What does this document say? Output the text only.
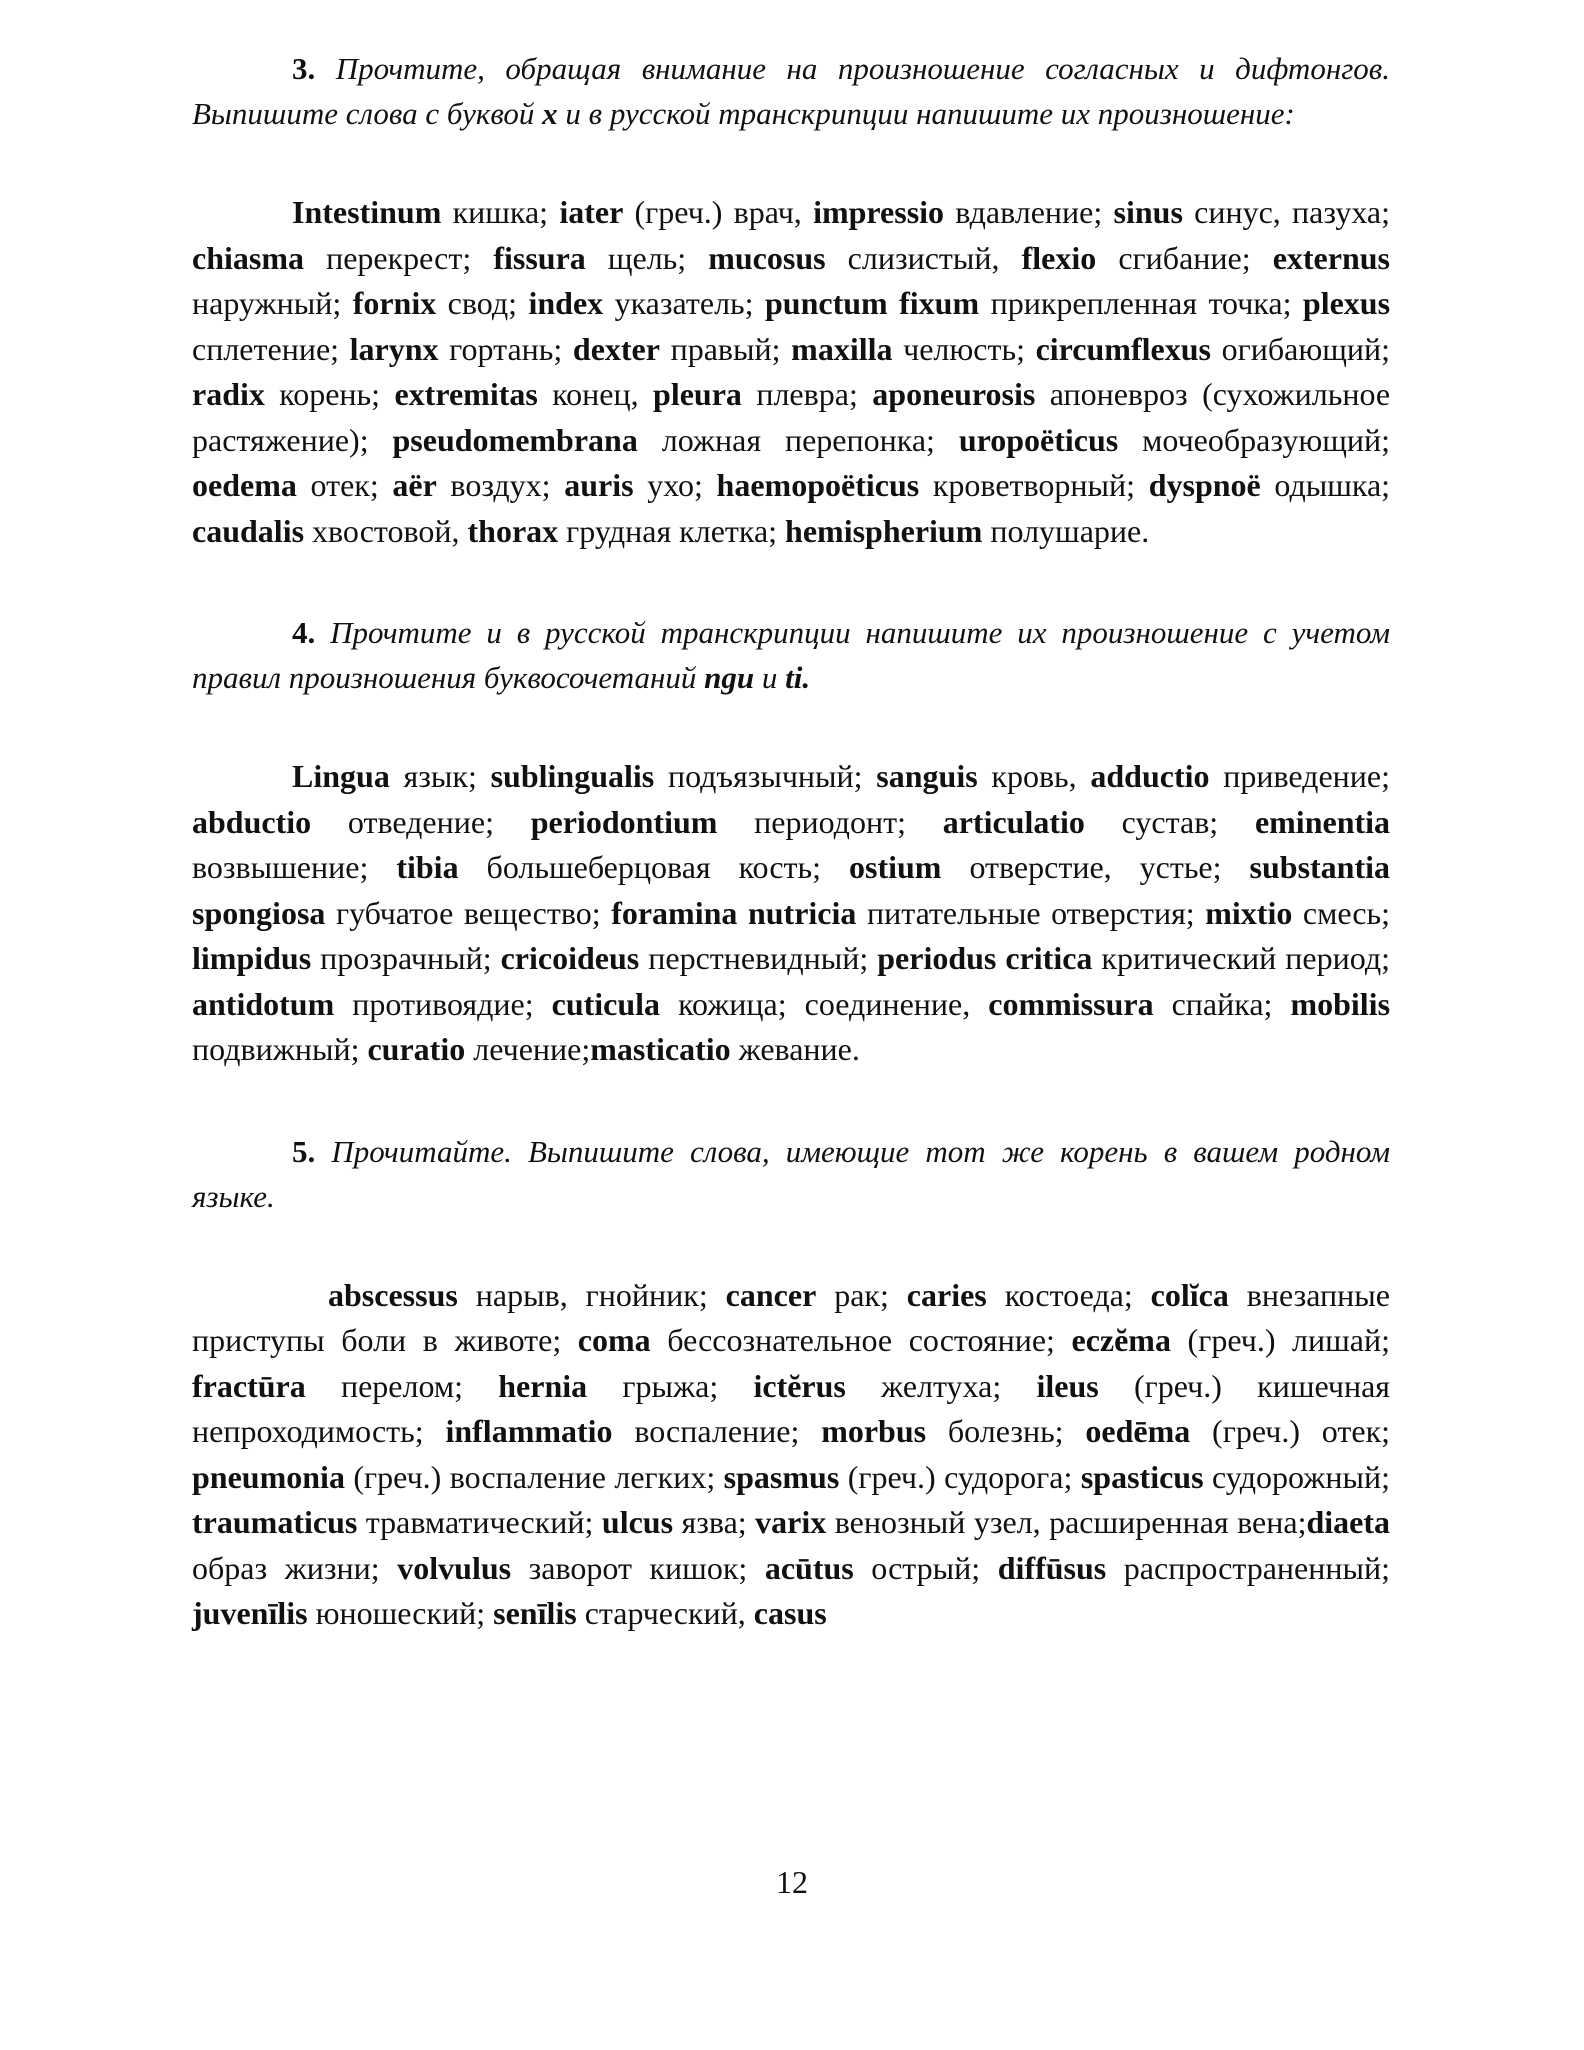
3. Прочтите, обращая внимание на произношение согласных и дифтонгов. Выпишите слова с буквой x и в русской транскрипции напишите их произношение:

Intestinum кишка; iater (греч.) врач, impressio вдавление; sinus синус, пазуха; chiasma перекрест; fissura щель; mucosus слизистый, flexio сгибание; externus наружный; fornix свод; index указатель; punctum fixum прикрепленная точка; plexus сплетение; larynx гортань; dexter правый; maxilla челюсть; circumflexus огибающий; radix корень; extremitas конец, pleura плевра; aponeurosis апоневроз (сухожильное растяжение); pseudomembrana ложная перепонка; uropoëticus мочеобразующий; oedema отек; aër воздух; auris ухо; haemopoëticus кроветворный; dyspnoë одышка; caudalis хвостовой, thorax грудная клетка; hemispherium полушарие.

4. Прочтите и в русской транскрипции напишите их произношение с учетом правил произношения буквосочетаний ngu и ti.

Lingua язык; sublingualis подъязычный; sanguis кровь, adductio приведение; abductio отведение; periodontium периодонт; articulatio сустав; eminentia возвышение; tibia большеберцовая кость; ostium отверстие, устье; substantia spongiosa губчатое вещество; foramina nutricia питательные отверстия; mixtio смесь; limpidus прозрачный; cricoideus перстневидный; periodus critica критический период; antidotum противоядие; cuticula кожица; соединение, commissura спайка; mobilis подвижный; curatio лечение;masticatio жевание.

5. Прочитайте. Выпишите слова, имеющие тот же корень в вашем родном языке.

abscessus нарыв, гнойник; cancer рак; caries костоеда; colĭca внезапные приступы боли в животе; coma бессознательное состояние; eczĕma (греч.) лишай; fractūra перелом; hernia грыжа; ictĕrus желтуха; ileus (греч.) кишечная непроходимость; inflammatio воспаление; morbus болезнь; oedēma (греч.) отек; pneumonia (греч.) воспаление легких; spasmus (греч.) судорога; spasticus судорожный; traumaticus травматический; ulcus язва; varix венозный узел, расширенная вена;diaeta образ жизни; volvulus заворот кишок; acūtus острый; diffūsus распространенный; juvenīlis юношеский; senīlis старческий, casus

12
